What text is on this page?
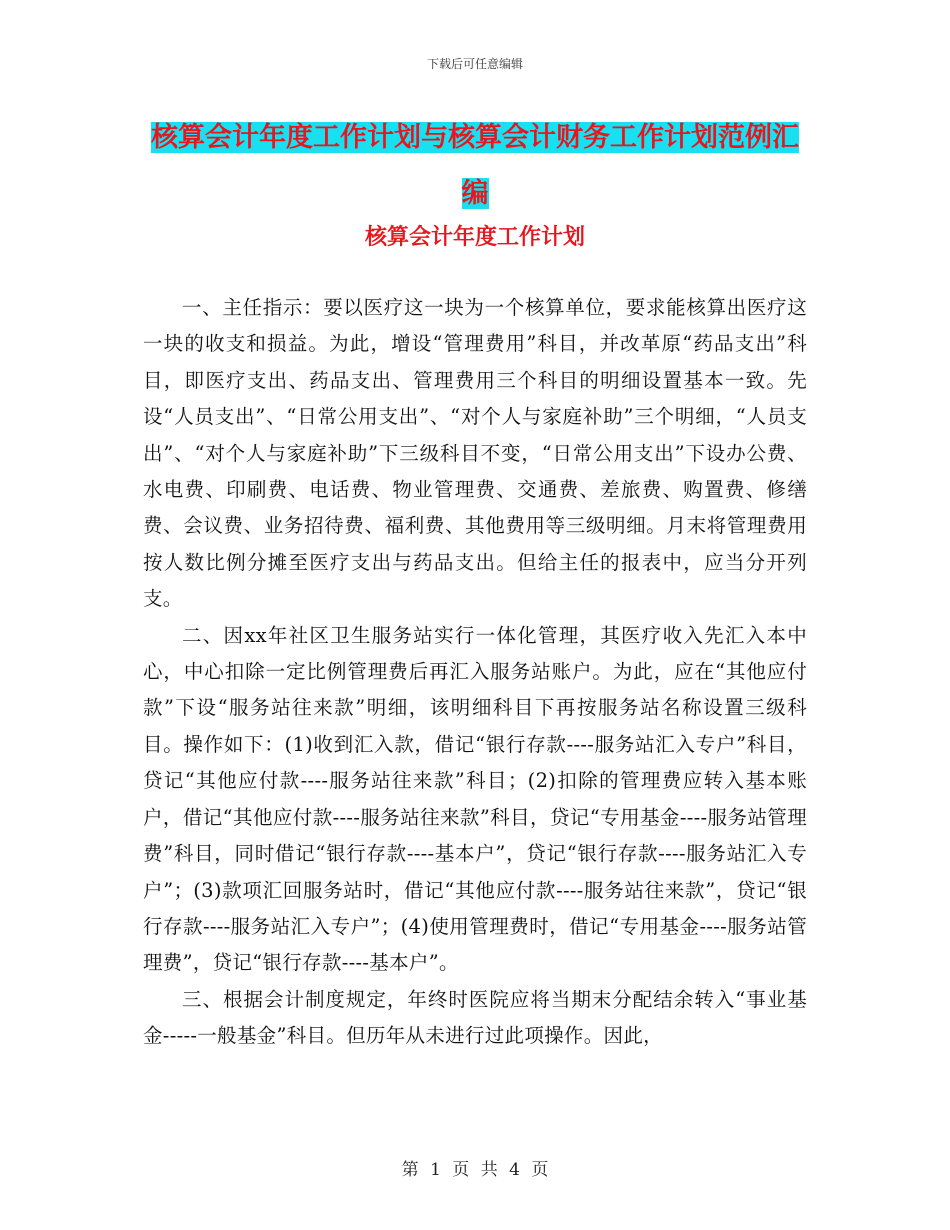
下载后可任意编辑
核算会计年度工作计划与核算会计财务工作计划范例汇编
核算会计年度工作计划

一、主任指示：要以医疗这一块为一个核算单位，要求能核算出医疗这一块的收支和损益。为此，增设“管理费用”科目，并改革原“药品支出”科目，即医疗支出、药品支出、管理费用三个科目的明细设置基本一致。先设“人员支出”、“日常公用支出”、“对个人与家庭补助”三个明细，“人员支出”、“对个人与家庭补助”下三级科目不变，“日常公用支出”下设办公费、水电费、印刷费、电话费、物业管理费、交通费、差旅费、购置费、修缮费、会议费、业务招待费、福利费、其他费用等三级明细。月末将管理费用按人数比例分摊至医疗支出与药品支出。但给主任的报表中，应当分开列支。

二、因xx年社区卫生服务站实行一体化管理，其医疗收入先汇入本中心，中心扣除一定比例管理费后再汇入服务站账户。为此，应在“其他应付款”下设“服务站往来款”明细，该明细科目下再按服务站名称设置三级科目。操作如下：(1)收到汇入款，借记“银行存款----服务站汇入专户”科目，贷记“其他应付款----服务站往来款”科目；(2)扣除的管理费应转入基本账户，借记“其他应付款----服务站往来款”科目，贷记“专用基金----服务站管理费”科目，同时借记“银行存款----基本户”，贷记“银行存款----服务站汇入专户”；(3)款项汇回服务站时，借记“其他应付款----服务站往来款”，贷记“银行存款----服务站汇入专户”；(4)使用管理费时，借记“专用基金----服务站管理费”，贷记“银行存款----基本户”。

三、根据会计制度规定，年终时医院应将当期末分配结余转入“事业基金-----一般基金”科目。但历年从未进行过此项操作。因此，

第 1 页 共 4 页
